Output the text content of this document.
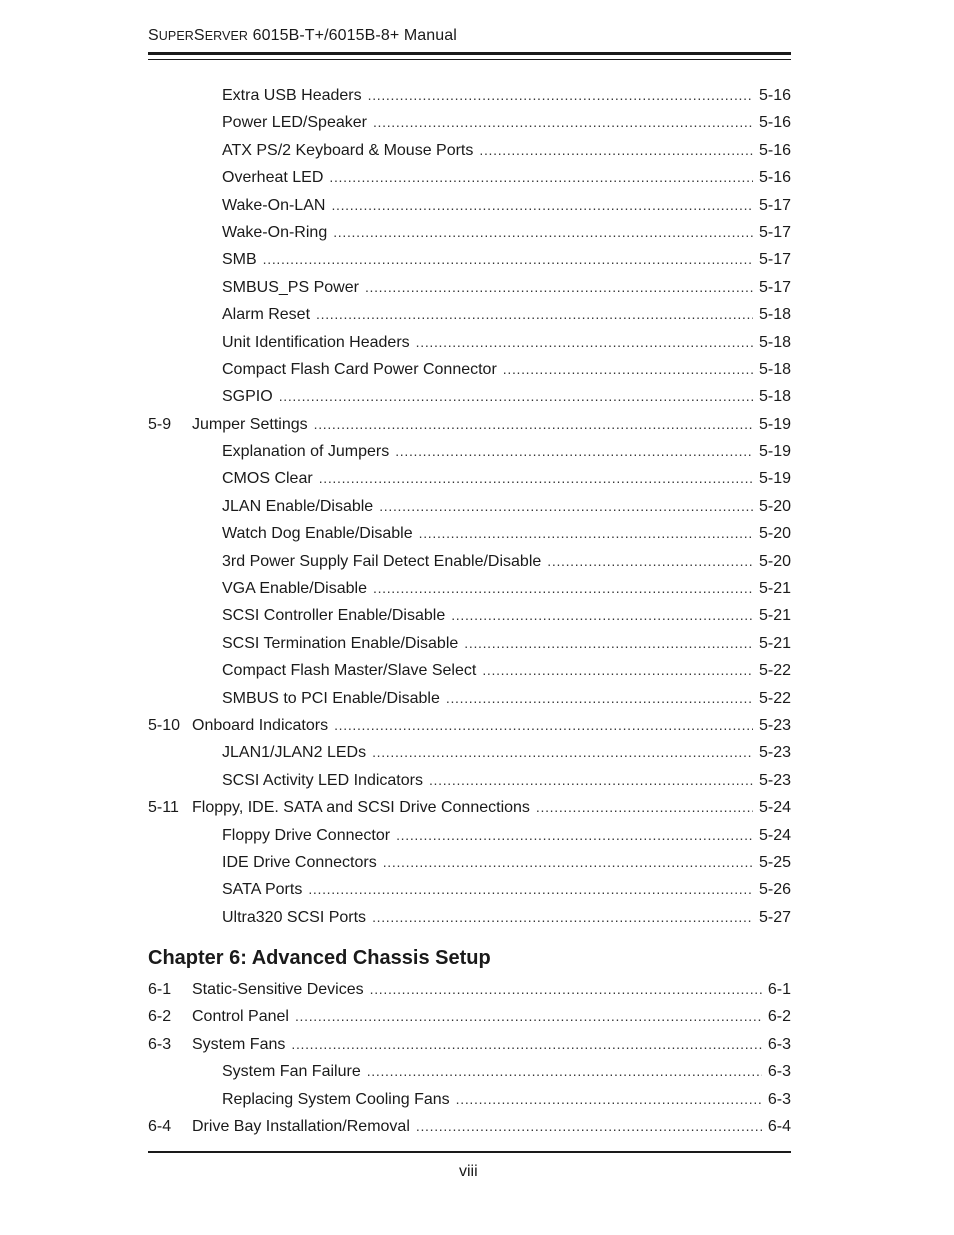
SUPERSERVER 6015B-T+/6015B-8+ Manual
Extra USB Headers . . .	5-16
Power LED/Speaker . . .	5-16
ATX PS/2 Keyboard & Mouse Ports . . .	5-16
Overheat LED . . .	5-16
Wake-On-LAN . . .	5-17
Wake-On-Ring . . .	5-17
SMB . . .	5-17
SMBUS_PS Power . . .	5-17
Alarm Reset . . .	5-18
Unit Identification Headers . . .	5-18
Compact Flash Card Power Connector . . .	5-18
SGPIO . . .	5-18
5-9 Jumper Settings . . .	5-19
Explanation of Jumpers . . .	5-19
CMOS Clear . . .	5-19
JLAN Enable/Disable . . .	5-20
Watch Dog Enable/Disable . . .	5-20
3rd Power Supply Fail Detect Enable/Disable . . .	5-20
VGA Enable/Disable . . .	5-21
SCSI Controller Enable/Disable . . .	5-21
SCSI Termination Enable/Disable . . .	5-21
Compact Flash Master/Slave Select . . .	5-22
SMBUS to PCI Enable/Disable . . .	5-22
5-10 Onboard Indicators . . .	5-23
JLAN1/JLAN2 LEDs . . .	5-23
SCSI Activity LED Indicators . . .	5-23
5-11 Floppy, IDE. SATA and SCSI Drive Connections . . .	5-24
Floppy Drive Connector . . .	5-24
IDE Drive Connectors . . .	5-25
SATA Ports . . .	5-26
Ultra320 SCSI Ports . . .	5-27
Chapter 6: Advanced Chassis Setup
6-1 Static-Sensitive Devices . . .	6-1
6-2 Control Panel . . .	6-2
6-3 System Fans . . .	6-3
System Fan Failure . . .	6-3
Replacing System Cooling Fans . . .	6-3
6-4 Drive Bay Installation/Removal . . .	6-4
viii
